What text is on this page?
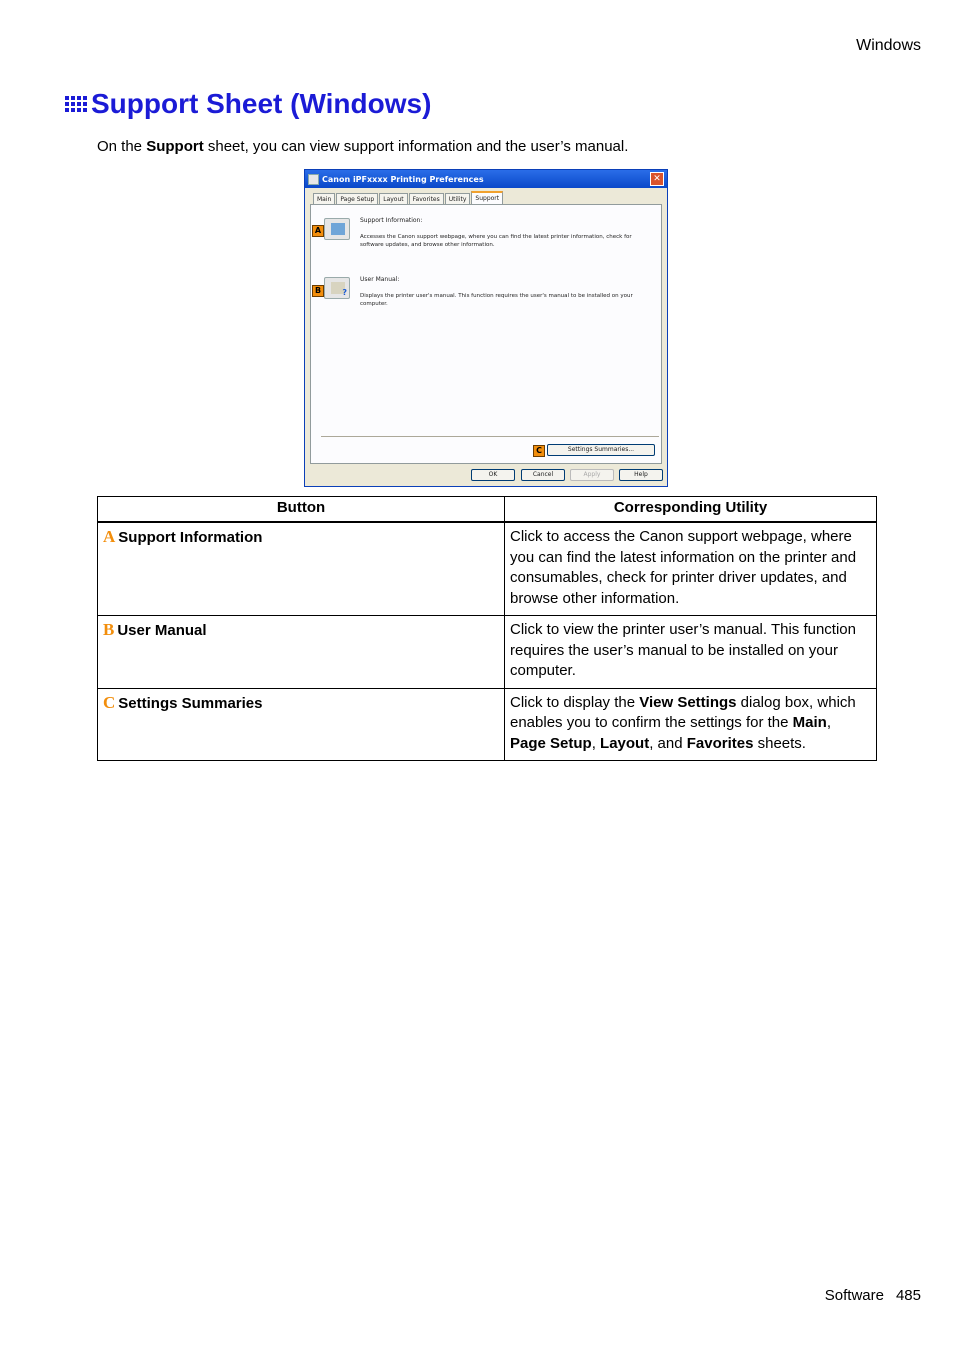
Windows
Support Sheet (Windows)

On the Support sheet, you can view support information and the user’s manual.

Canon iPFxxxx Printing Preferences	✕
Main	Page Setup	Layout	Favorites	Utility	Support
A
Support Information:
Accesses the Canon support webpage, where you can find the latest printer information, check for software updates, and browse other information.
B	?
User Manual:
Displays the printer user's manual. This function requires the user's manual to be installed on your computer.
C	Settings Summaries...
OK	Cancel	Apply	Help
Button	Corresponding Utility
A Support Information	Click to access the Canon support webpage, where you can find the latest information on the printer and consumables, check for printer driver updates, and browse other information.
B User Manual	Click to view the printer user’s manual. This function requires the user’s manual to be installed on your computer.
C Settings Summaries	Click to display the View Settings dialog box, which enables you to confirm the settings for the Main, Page Setup, Layout, and Favorites sheets.
Software 485
